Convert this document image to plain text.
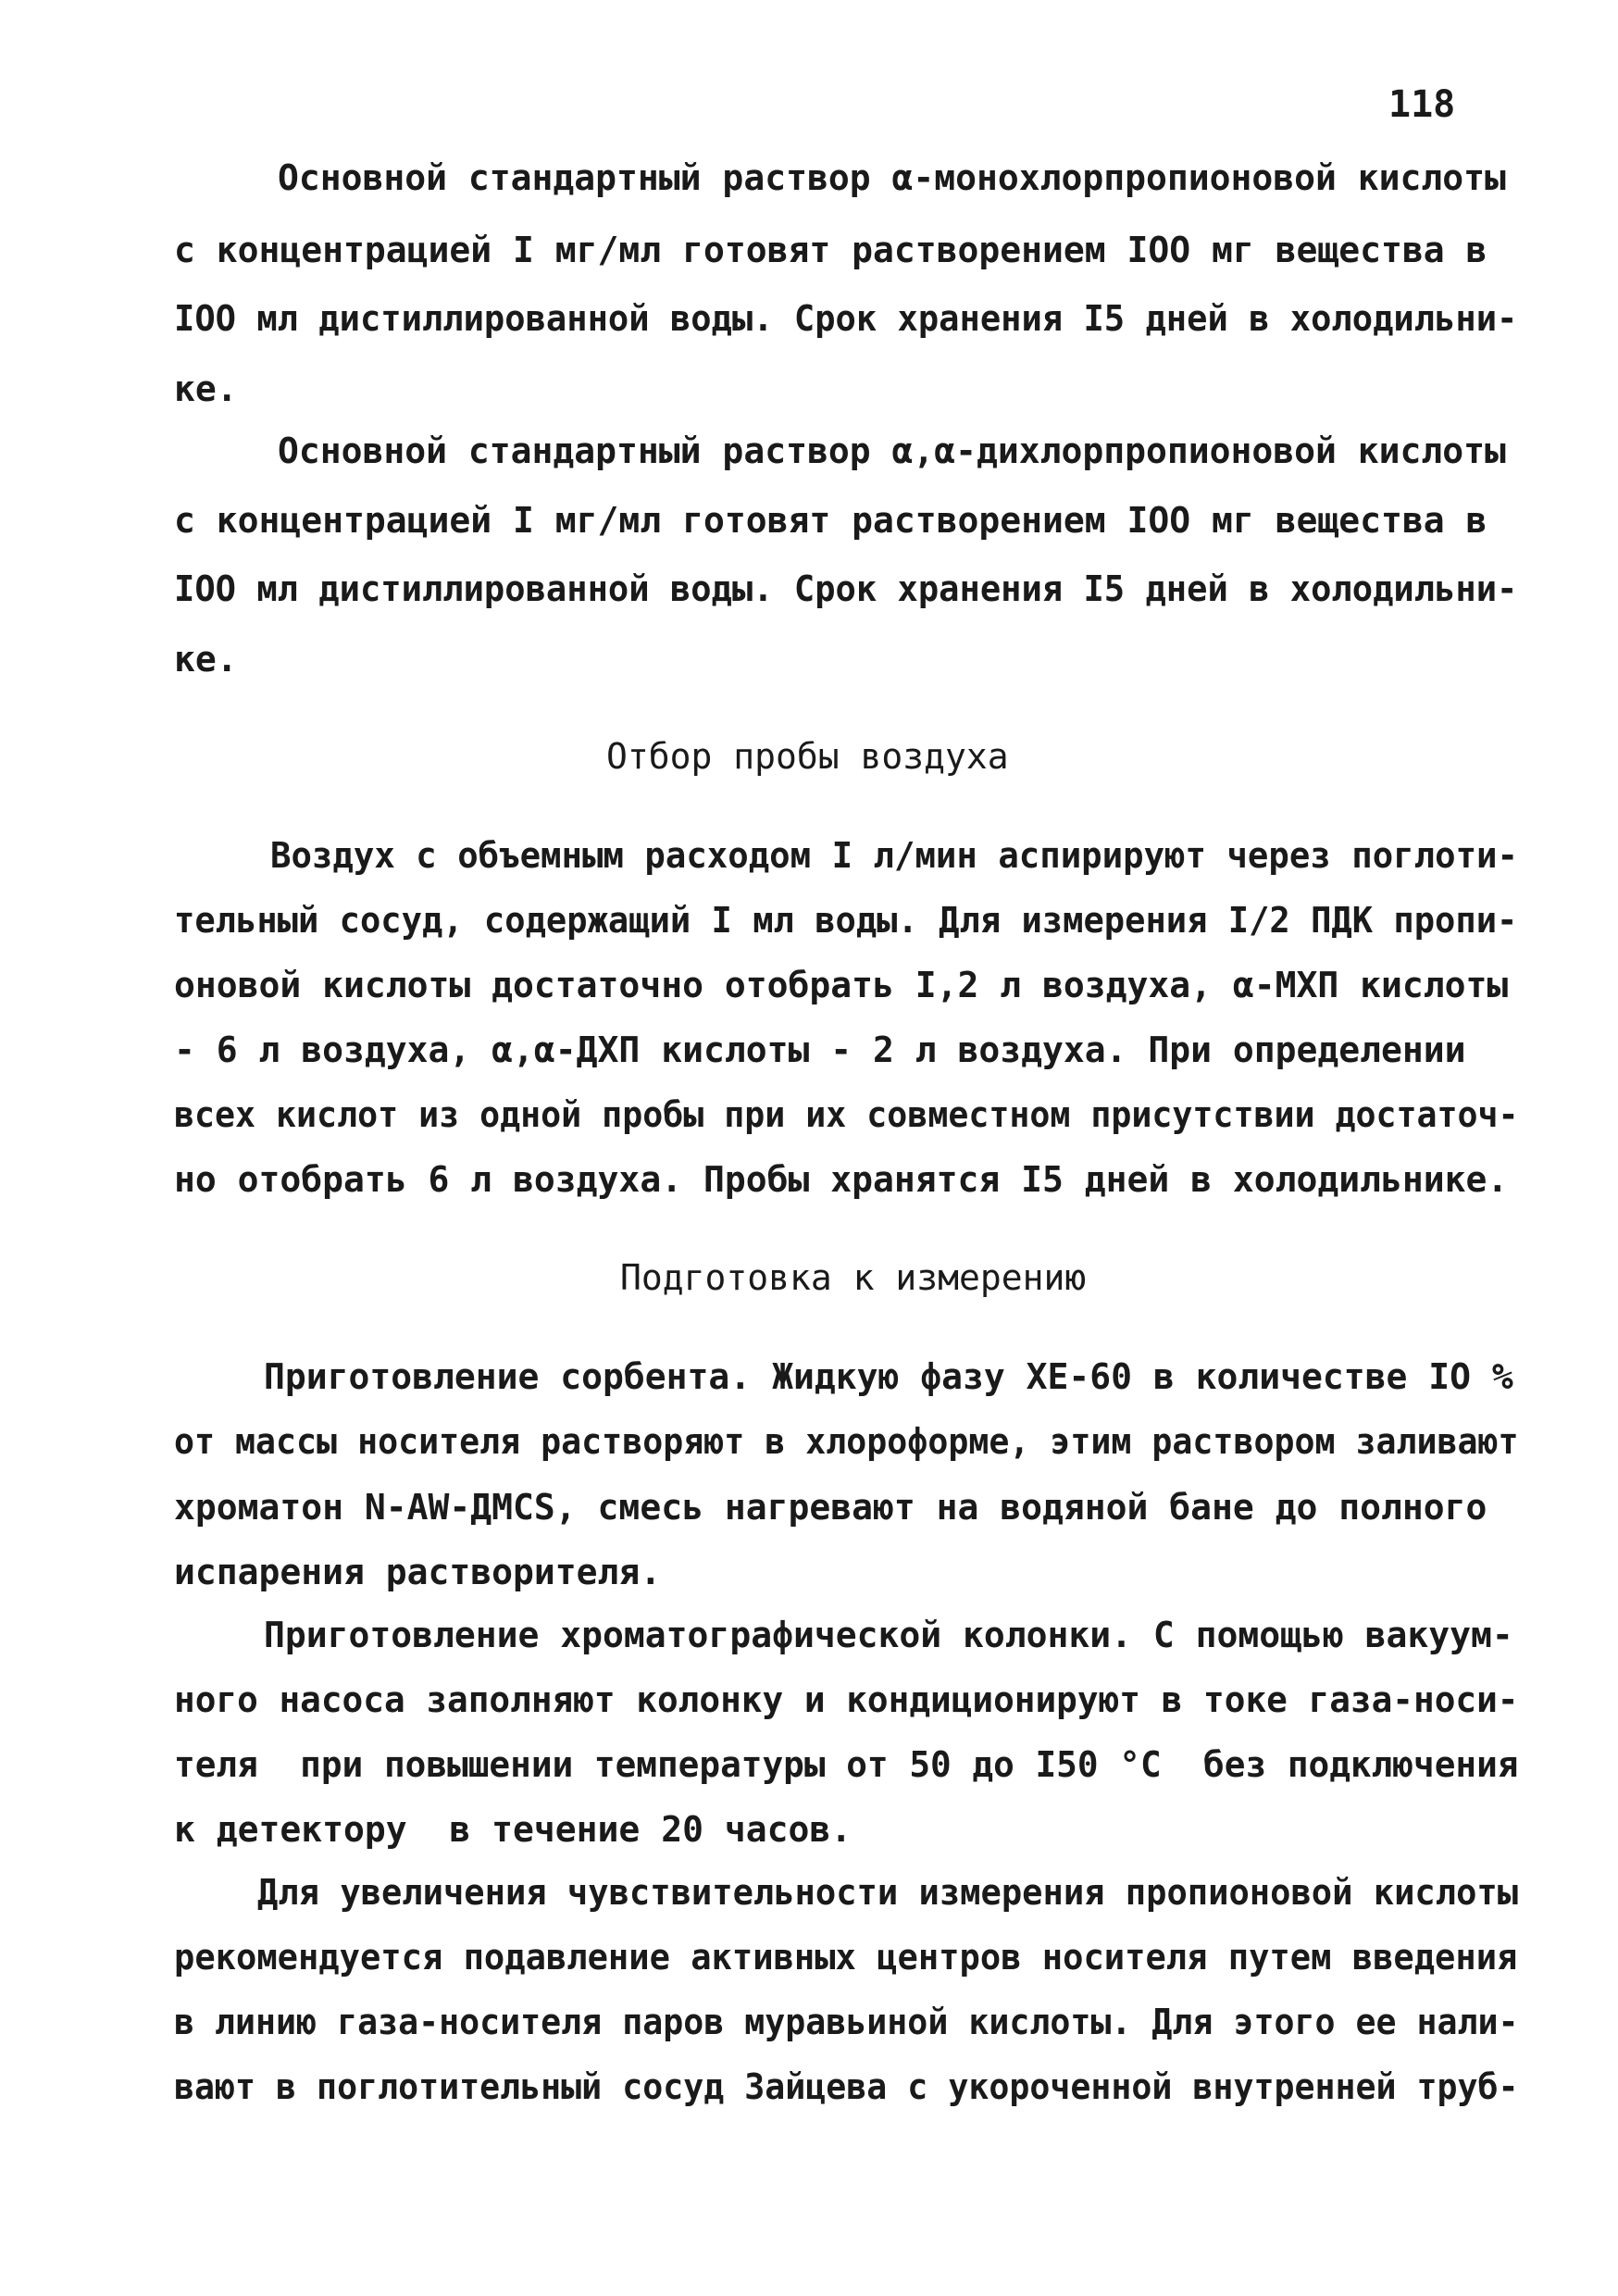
118
Основной стандартный раствор α-монохлорпропионовой кислоты
с концентрацией I мг/мл готовят растворением IOO мг вещества в
IOO мл дистиллированной воды. Срок хранения I5 дней в холодильни-
ке.
Основной стандартный раствор α,α-дихлорпропионовой кислоты
с концентрацией I мг/мл готовят растворением IOO мг вещества в
IOO мл дистиллированной воды. Срок хранения I5 дней в холодильни-
ке.
Отбор пробы воздуха
Воздух с объемным расходом I л/мин аспирируют через поглоти-
тельный сосуд, содержащий I мл воды. Для измерения I/2 ПДК пропи-
оновой кислоты достаточно отобрать I,2 л воздуха, α-МХП кислоты
- 6 л воздуха, α,α-ДХП кислоты - 2 л воздуха. При определении
всех кислот из одной пробы при их совместном присутствии достаточ-
но отобрать 6 л воздуха. Пробы хранятся I5 дней в холодильнике.
Подготовка к измерению
Приготовление сорбента. Жидкую фазу ХЕ-60 в количестве IO %
от массы носителя растворяют в хлороформе, этим раствором заливают
хроматон N-AW-ДМCS, смесь нагревают на водяной бане до полного
испарения растворителя.
Приготовление хроматографической колонки. С помощью вакуум-
ного насоса заполняют колонку и кондиционируют в токе газа-носи-
теля  при повышении температуры от 50 до I50 °С  без подключения
к детектору  в течение 20 часов.
Для увеличения чувствительности измерения пропионовой кислоты
рекомендуется подавление активных центров носителя путем введения
в линию газа-носителя паров муравьиной кислоты. Для этого ее нали-
вают в поглотительный сосуд Зайцева с укороченной внутренней труб-
